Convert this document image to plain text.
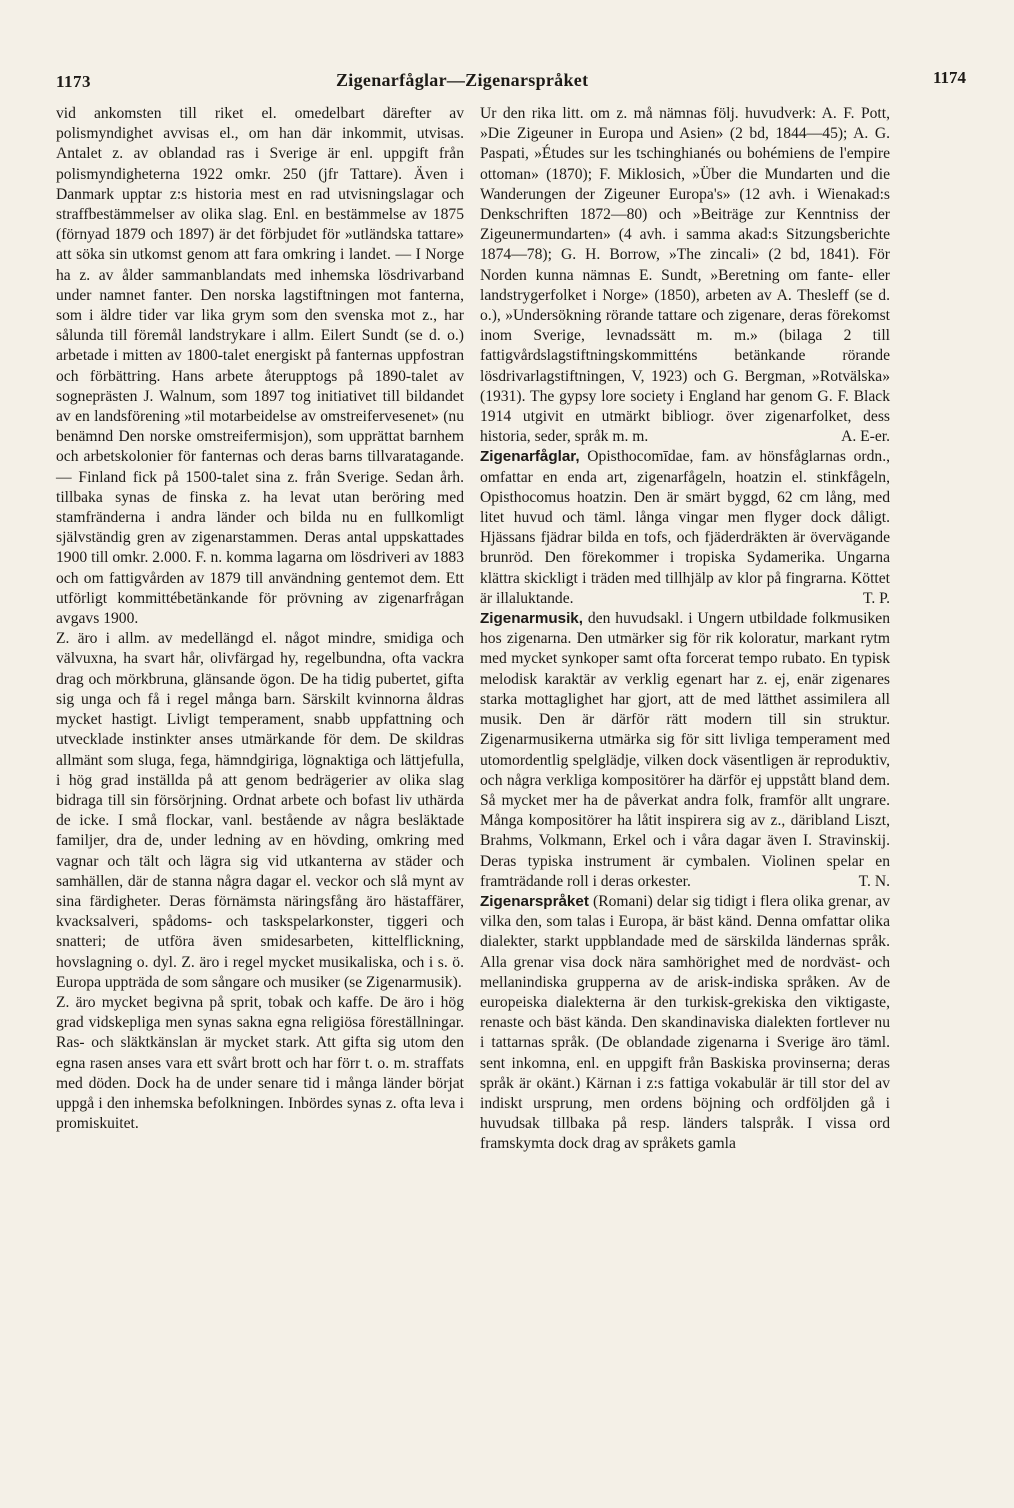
1173	Zigenarfåglar—Zigenarspråket	1174

vid ankomsten till riket el. omedelbart därefter av polismyndighet avvisas el., om han där inkommit, utvisas. Antalet z. av oblandad ras i Sverige är enl. uppgift från polismyndigheterna 1922 omkr. 250 (jfr Tattare). Även i Danmark upptar z:s historia mest en rad utvisningslagar och straffbestämmelser av olika slag. Enl. en bestämmelse av 1875 (förnyad 1879 och 1897) är det förbjudet för »utländska tattare» att söka sin utkomst genom att fara omkring i landet. — I Norge ha z. av ålder sammanblandats med inhemska lösdrivarband under namnet fanter. Den norska lagstiftningen mot fanterna, som i äldre tider var lika grym som den svenska mot z., har sålunda till föremål landstrykare i allm. Eilert Sundt (se d. o.) arbetade i mitten av 1800-talet energiskt på fanternas uppfostran och förbättring. Hans arbete återupptogs på 1890-talet av sogneprästen J. Walnum, som 1897 tog initiativet till bildandet av en landsförening »til motarbeidelse av omstreifervesenet» (nu benämnd Den norske omstreifermisjon), som upprättat barnhem och arbetskolonier för fanternas och deras barns tillvaratagande. — Finland fick på 1500-talet sina z. från Sverige. Sedan årh. tillbaka synas de finska z. ha levat utan beröring med stamfränderna i andra länder och bilda nu en fullkomligt självständig gren av zigenarstammen. Deras antal uppskattades 1900 till omkr. 2.000. F. n. komma lagarna om lösdriveri av 1883 och om fattigvården av 1879 till användning gentemot dem. Ett utförligt kommittébetänkande för prövning av zigenarfrågan avgavs 1900.

Z. äro i allm. av medellängd el. något mindre, smidiga och välvuxna, ha svart hår, olivfärgad hy, regelbundna, ofta vackra drag och mörkbruna, glänsande ögon. De ha tidig pubertet, gifta sig unga och få i regel många barn. Särskilt kvinnorna åldras mycket hastigt. Livligt temperament, snabb uppfattning och utvecklade instinkter anses utmärkande för dem. De skildras allmänt som sluga, fega, hämndgiriga, lögnaktiga och lättjefulla, i hög grad inställda på att genom bedrägerier av olika slag bidraga till sin försörjning. Ordnat arbete och bofast liv uthärda de icke. I små flockar, vanl. bestående av några besläktade familjer, dra de, under ledning av en hövding, omkring med vagnar och tält och lägra sig vid utkanterna av städer och samhällen, där de stanna några dagar el. veckor och slå mynt av sina färdigheter. Deras förnämsta näringsfång äro hästaffärer, kvacksalveri, spådoms- och taskspelarkonster, tiggeri och snatteri; de utföra även smidesarbeten, kittelflickning, hovslagning o. dyl. Z. äro i regel mycket musikaliska, och i s. ö. Europa uppträda de som sångare och musiker (se Zigenarmusik).

Z. äro mycket begivna på sprit, tobak och kaffe. De äro i hög grad vidskepliga men synas sakna egna religiösa föreställningar. Ras- och släktkänslan är mycket stark. Att gifta sig utom den egna rasen anses vara ett svårt brott och har förr t. o. m. straffats med döden. Dock ha de under senare tid i många länder börjat uppgå i den inhemska befolkningen. Inbördes synas z. ofta leva i promiskuitet.

Ur den rika litt. om z. må nämnas följ. huvudverk: A. F. Pott, »Die Zigeuner in Europa und Asien» (2 bd, 1844—45); A. G. Paspati, »Études sur les tschinghianés ou bohémiens de l'empire ottoman» (1870); F. Miklosich, »Über die Mundarten und die Wanderungen der Zigeuner Europa's» (12 avh. i Wienakad:s Denkschriften 1872—80) och »Beiträge zur Kenntniss der Zigeunermundarten» (4 avh. i samma akad:s Sitzungsberichte 1874—78); G. H. Borrow, »The zincali» (2 bd, 1841). För Norden kunna nämnas E. Sundt, »Beretning om fante- eller landstrygerfolket i Norge» (1850), arbeten av A. Thesleff (se d. o.), »Undersökning rörande tattare och zigenare, deras förekomst inom Sverige, levnadssätt m. m.» (bilaga 2 till fattigvårdslagstiftningskommitténs betänkande rörande lösdrivarlagstiftningen, V, 1923) och G. Bergman, »Rotvälska» (1931). The gypsy lore society i England har genom G. F. Black 1914 utgivit en utmärkt bibliogr. över zigenarfolket, dess historia, seder, språk m. m.	A. E-er.

Zigenarfåglar, Opisthocomīdae, fam. av hönsfåglarnas ordn., omfattar en enda art, zigenarfågeln, hoatzin el. stinkfågeln, Opisthocomus hoatzin. Den är smärt byggd, 62 cm lång, med litet huvud och täml. långa vingar men flyger dock dåligt. Hjässans fjädrar bilda en tofs, och fjäderdräkten är övervägande brunröd. Den förekommer i tropiska Sydamerika. Ungarna klättra skickligt i träden med tillhjälp av klor på fingrarna. Köttet är illaluktande.	T. P.

Zigenarmusik, den huvudsakl. i Ungern utbildade folkmusiken hos zigenarna. Den utmärker sig för rik koloratur, markant rytm med mycket synkoper samt ofta forcerat tempo rubato. En typisk melodisk karaktär av verklig egenart har z. ej, enär zigenares starka mottaglighet har gjort, att de med lätthet assimilera all musik. Den är därför rätt modern till sin struktur. Zigenarmusikerna utmärka sig för sitt livliga temperament med utomordentlig spelglädje, vilken dock väsentligen är reproduktiv, och några verkliga kompositörer ha därför ej uppstått bland dem. Så mycket mer ha de påverkat andra folk, framför allt ungrare. Många kompositörer ha låtit inspirera sig av z., däribland Liszt, Brahms, Volkmann, Erkel och i våra dagar även I. Stravinskij. Deras typiska instrument är cymbalen. Violinen spelar en framträdande roll i deras orkester.	T. N.

Zigenarspråket (Romani) delar sig tidigt i flera olika grenar, av vilka den, som talas i Europa, är bäst känd. Denna omfattar olika dialekter, starkt uppblandade med de särskilda ländernas språk. Alla grenar visa dock nära samhörighet med de nordväst- och mellanindiska grupperna av de arisk-indiska språken. Av de europeiska dialekterna är den turkisk-grekiska den viktigaste, renaste och bäst kända. Den skandinaviska dialekten fortlever nu i tattarnas språk. (De oblandade zigenarna i Sverige äro täml. sent inkomna, enl. en uppgift från Baskiska provinserna; deras språk är okänt.) Kärnan i z:s fattiga vokabulär är till stor del av indiskt ursprung, men ordens böjning och ordföljden gå i huvudsak tillbaka på resp. länders talspråk. I vissa ord framskymta dock drag av språkets gamla
